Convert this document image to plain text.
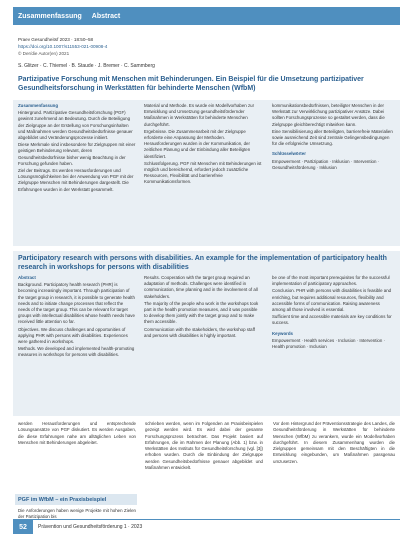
Zusammenfassung Abstract
Praev Gesundheitsf 2023 · 18:50–58
https://doi.org/10.1007/s11553-021-00908-4
© Der/die Autor(en) 2021
S. Glitzer · C. Thiemel · B. Staude · J. Bremer · C. Sammberg
Partizipative Forschung mit Menschen mit Behinderungen. Ein Beispiel für die Umsetzung partizipativer Gesundheitsforschung in Werkstätten für behinderte Menschen (WfbM)

Zusammenfassung

Hintergrund. Partizipative Gesundheitsforschung (PGF) gewinnt zunehmend an Bedeutung. Durch die Beteiligung der Zielgruppe an der Erstellung von Forschungsinhalten und Maßnahmen werden Gesundheitsbedürfnisse genauer abgebildet und Veränderungsprozesse initiiert.

Diese Merkmale sind insbesondere für Zielgruppen mit einer geistigen Behinderung relevant, deren Gesundheitsbedürfnisse bisher wenig Beachtung in der Forschung gefunden haben.

Ziel der Beitrags. Es werden Herausforderungen und Lösungsmöglichkeiten bei der Anwendung von PGF mit der Zielgruppe Menschen mit Behinderungen dargestellt. Die Erfahrungen wurden in der Werkstatt gesammelt.

Material und Methode. Es wurde ein Modellvorhaben zur Entwicklung und Umsetzung gesundheitsfördernder Maßnahmen in Werkstätten für behinderte Menschen durchgeführt.

Ergebnisse. Die Zusammenarbeit mit der Zielgruppe erforderte eine Anpassung der Methoden. Herausforderungen wurden in der Kommunikation, der zeitlichen Planung und der Einbindung aller Beteiligten identifiziert.

Schlussfolgerung. PGF mit Menschen mit Behinderungen ist möglich und bereichernd, erfordert jedoch zusätzliche Ressourcen, Flexibilität und barrierefreie Kommunikationsformen.

kommunikationsbedürfnissen, beteiligter Menschen in der Werkstatt zur Verwirklichung partizipativer Ansätze. Dabei sollten Forschungsprozesse so gestaltet werden, dass die Zielgruppe gleichberechtigt mitwirken kann.

Eine Sensibilisierung aller Beteiligten, barrierefreie Materialien sowie ausreichend Zeit sind zentrale Gelingensbedingungen für die erfolgreiche Umsetzung.

Schlüsselwörter

Empowerment · Partizipation · Inklusion · Intervention · Gesundheitsförderung · Inklusion

Participatory research with persons with disabilities. An example for the implementation of participatory health research in workshops for persons with disabilities

Abstract

Background. Participatory health research (PHR) is becoming increasingly important. Through participation of the target group in research, it is possible to generate health needs and to initiate change processes that reflect the needs of the target group. This can be relevant for target groups with intellectual disabilities whose health needs have received little attention so far.

Objectives. We discuss challenges and opportunities of applying PHR with persons with disabilities. Experiences were gathered in workshops.

Methods. We developed and implemented health-promoting measures in workshops for persons with disabilities.

Results. Cooperation with the target group required an adaptation of methods. Challenges were identified in communication, time planning and in the involvement of all stakeholders.

The majority of the people who work in the workshops took part in the health promotion measures, and it was possible to develop them jointly with the target group and to make them accessible.

Communication with the stakeholders, the workshop staff and persons with disabilities is highly important.

be one of the most important prerequisites for the successful implementation of participatory approaches.

Conclusion. PHR with persons with disabilities is feasible and enriching, but requires additional resources, flexibility and accessible forms of communication. Raising awareness among all those involved is essential.

Sufficient time and accessible materials are key conditions for success.

Keywords

Empowerment · Health services · Inclusion · Intervention · Health promotion · Inclusion

werden Herausforderungen und entsprechende Lösungsansätze von PGF diskutiert. Es werden Ausgaben, die diese Erfahrungen nahe am alltäglichen Leben von Menschen mit Behinderungen abgeleitet.

PGF im WfbM – ein Praxisbeispiel

Die Anforderungen haben wenige Projekte mit hohen Zielen der Partizipation bis

schrieben werden, wenn im Folgenden an Praxisbeispielen gezeigt werden wird. Es wird dabei der gesamte Forschungsprozess betrachtet. Das Projekt basiert auf Erfahrungen, die im Rahmen der Planung (Abb. 1) bzw. in Werkstätten des Instituts für Gesundheitsforschung (vgl. [3]) erhoben wurden. Durch die Einbindung der Zielgruppe werden Gesundheitsbedürfnisse genauer abgebildet und Maßnahmen entwickelt.

Vor dem Hintergrund der Präventionsstrategie des Landes, die Gesundheitsförderung in Werkstätten für behinderte Menschen (WfbM) zu verankern, wurde ein Modellvorhaben durchgeführt. In diesem Zusammenhang wurden die Zielgruppen gemeinsam mit den Beschäftigten in die Entwicklung eingebunden, um Maßnahmen passgenau umzusetzen.

52	Prävention und Gesundheitsförderung 1 · 2023
